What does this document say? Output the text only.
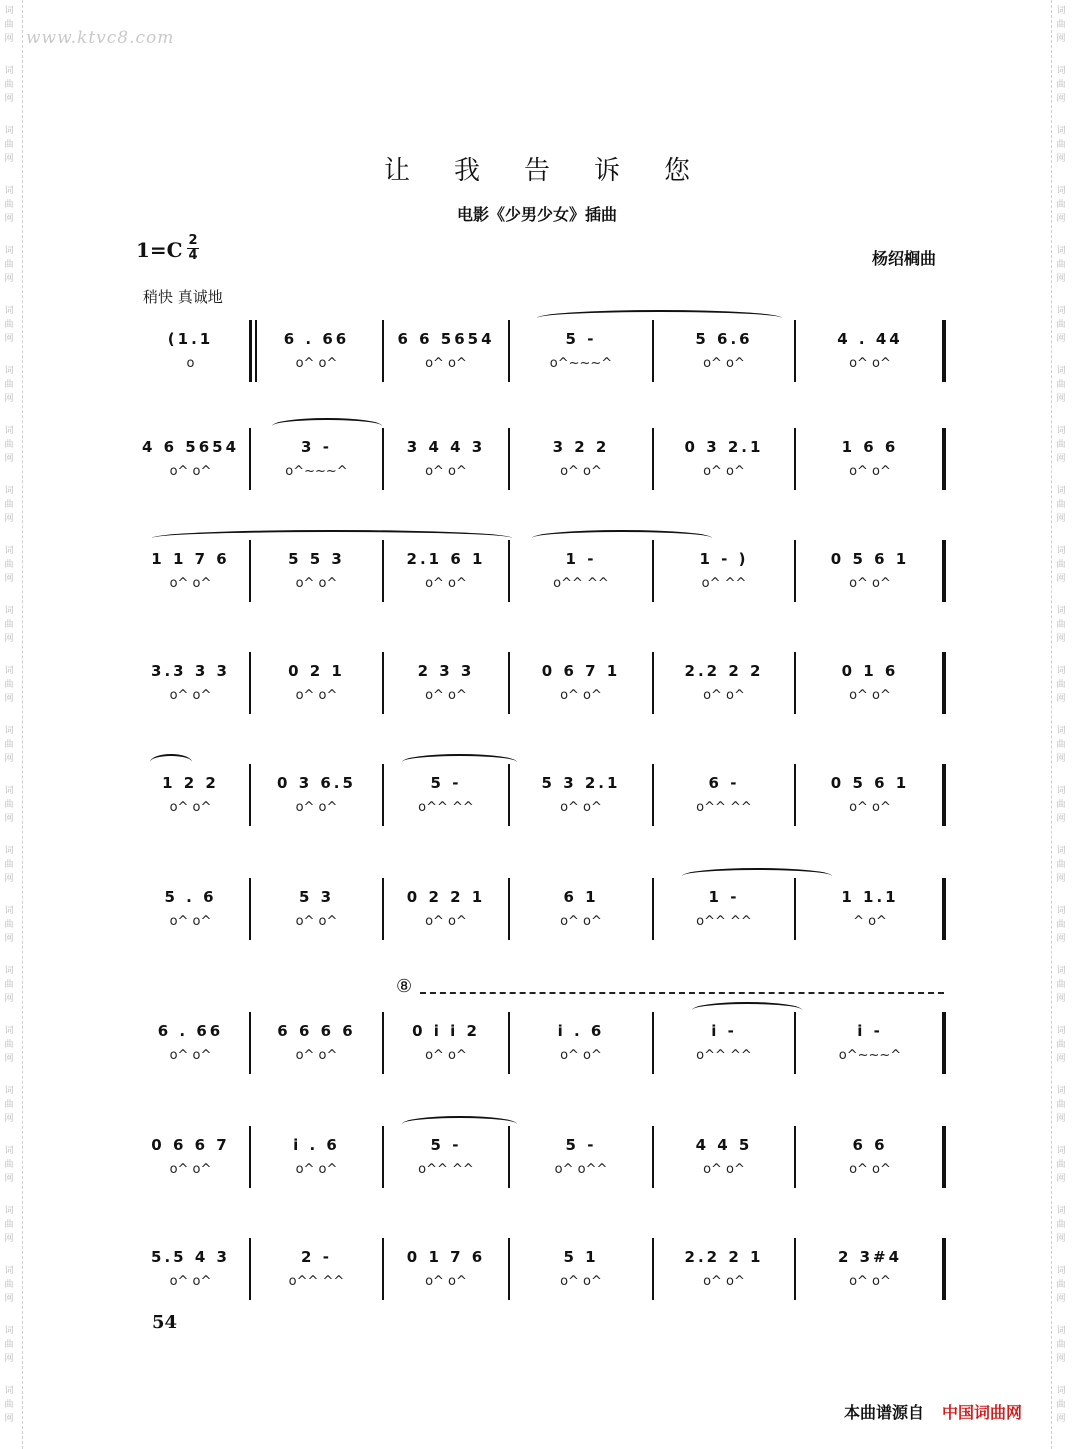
词
曲
网
词
曲
网
词
曲
网
词
曲
网
词
曲
网
词
曲
网
词
曲
网
词
曲
网
词
曲
网
词
曲
网
词
曲
网
词
曲
网
词
曲
网
词
曲
网
词
曲
网
词
曲
网
词
曲
网
词
曲
网
词
曲
网
词
曲
网
词
曲
网
词
曲
网
词
曲
网
词
曲
网
词
曲
网
词
曲
网
词
曲
网
词
曲
网
词
曲
网
词
曲
网
词
曲
网
词
曲
网
词
曲
网
词
曲
网
词
曲
网
词
曲
网
词
曲
网
词
曲
网
词
曲
网
词
曲
网
词
曲
网
词
曲
网
词
曲
网
词
曲
网
词
曲
网
词
曲
网
词
曲
网
词
曲
网
www.ktvc8.com
让我告诉您
电影《少男少女》插曲
1=C 2
4	杨绍榈曲
稍快 真诚地
(1.1
o
6 . 66
o^ o^
6 6 5654
o^ o^
5 -
o^~~~^
5 6.6
o^ o^
4 . 44
o^ o^
4 6 5654
o^ o^
3 -
o^~~~^
3 4 4 3
o^ o^
3 2 2
o^ o^
0 3 2.1
o^ o^
1 6 6
o^ o^
1 1 7 6
o^ o^
5 5 3
o^ o^
2.1 6 1
o^ o^
1 -
o^^ ^^
1 - )
o^ ^^
0 5 6 1
o^ o^
3.3 3 3
o^ o^
0 2 1
o^ o^
2 3 3
o^ o^
0 6 7 1
o^ o^
2.2 2 2
o^ o^
0 1 6
o^ o^
1 2 2
o^ o^
0 3 6.5
o^ o^
5 -
o^^ ^^
5 3 2.1
o^ o^
6 -
o^^ ^^
0 5 6 1
o^ o^
5 . 6
o^ o^
5 3
o^ o^
0 2 2 1
o^ o^
6 1
o^ o^
1 -
o^^ ^^
1 1.1
^ o^
6 . 66
o^ o^
6 6 6 6
o^ o^
0 i i 2
o^ o^
i . 6
o^ o^
i -
o^^ ^^
i -
o^~~~^
0 6 6 7
o^ o^
i . 6
o^ o^
5 -
o^^ ^^
5 -
o^ o^^
4 4 5
o^ o^
6 6
o^ o^
5.5 4 3
o^ o^
2 -
o^^ ^^
0 1 7 6
o^ o^
5 1
o^ o^
2.2 2 1
o^ o^
2 3#4
o^ o^
⑧
54
本曲谱源自 中国词曲网
